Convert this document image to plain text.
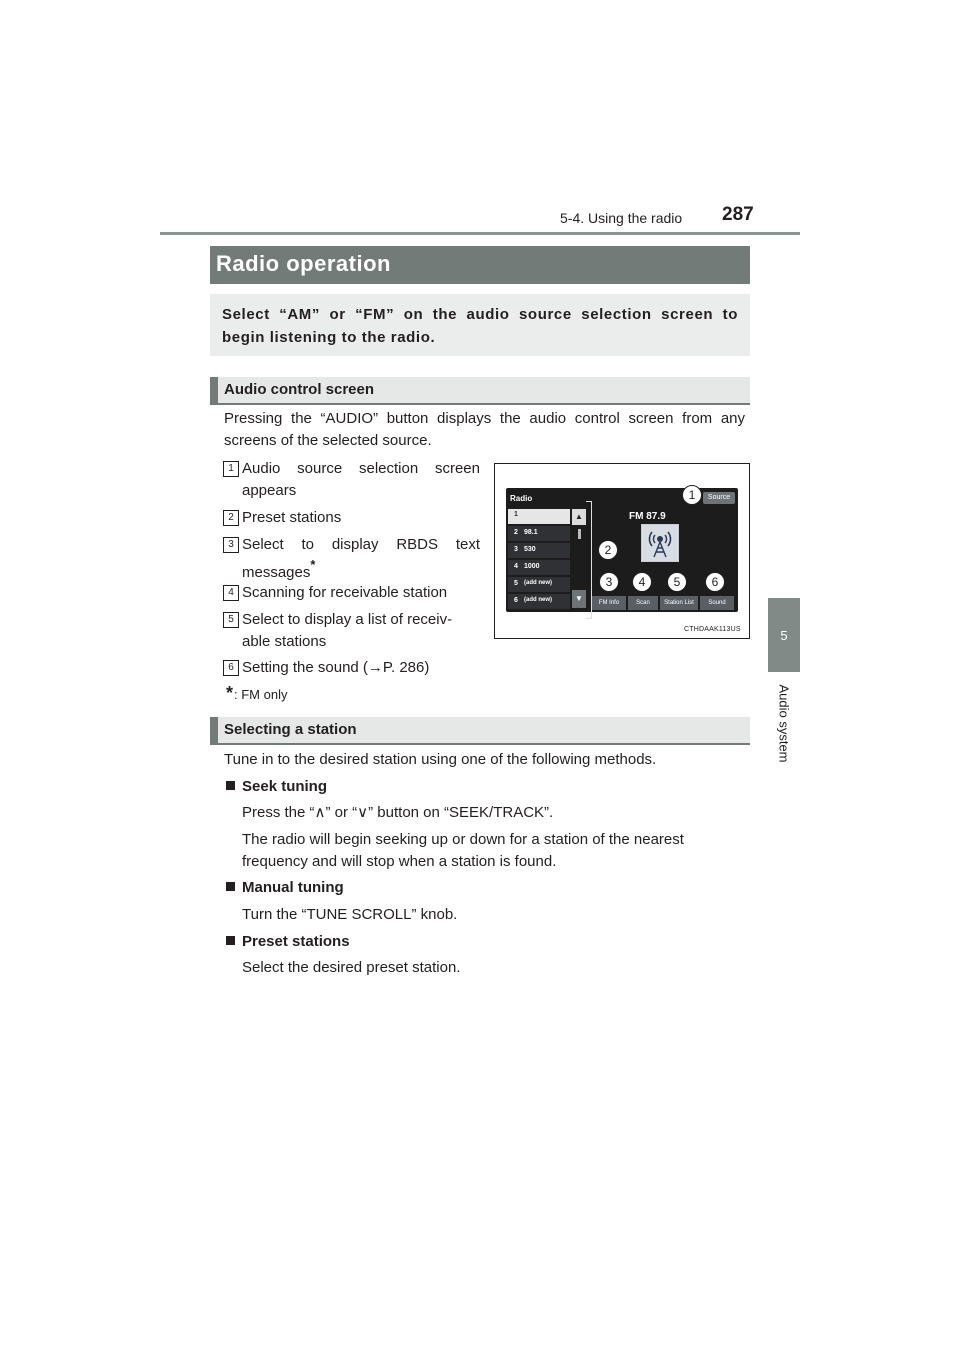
5-4. Using the radio 287
5
Audio system
Radio operation
Select “AM” or “FM” on the audio source selection screen to begin listening to the radio.
Audio control screen
Pressing the “AUDIO” button displays the audio control screen from any screens of the selected source.
1 Audio source selection screen
appears
2 Preset stations
3 Select to display RBDS text
messages*
4 Scanning for receivable station
5 Select to display a list of receiv-
able stations
6 Setting the sound (→P. 286)
* : FM only
Radio	Source
1
2 98.1
3 530
4 1000
5 (add new)
6 (add new)
▲
▼
FM 87.9
FM Info	Scan	Station List	Sound
1
2
3	4	5	6
CTHDAAK113US
Selecting a station
Tune in to the desired station using one of the following methods.
Seek tuning
Press the “∧” or “∨” button on “SEEK/TRACK”.
The radio will begin seeking up or down for a station of the nearest
frequency and will stop when a station is found.
Manual tuning
Turn the “TUNE SCROLL” knob.
Preset stations
Select the desired preset station.
